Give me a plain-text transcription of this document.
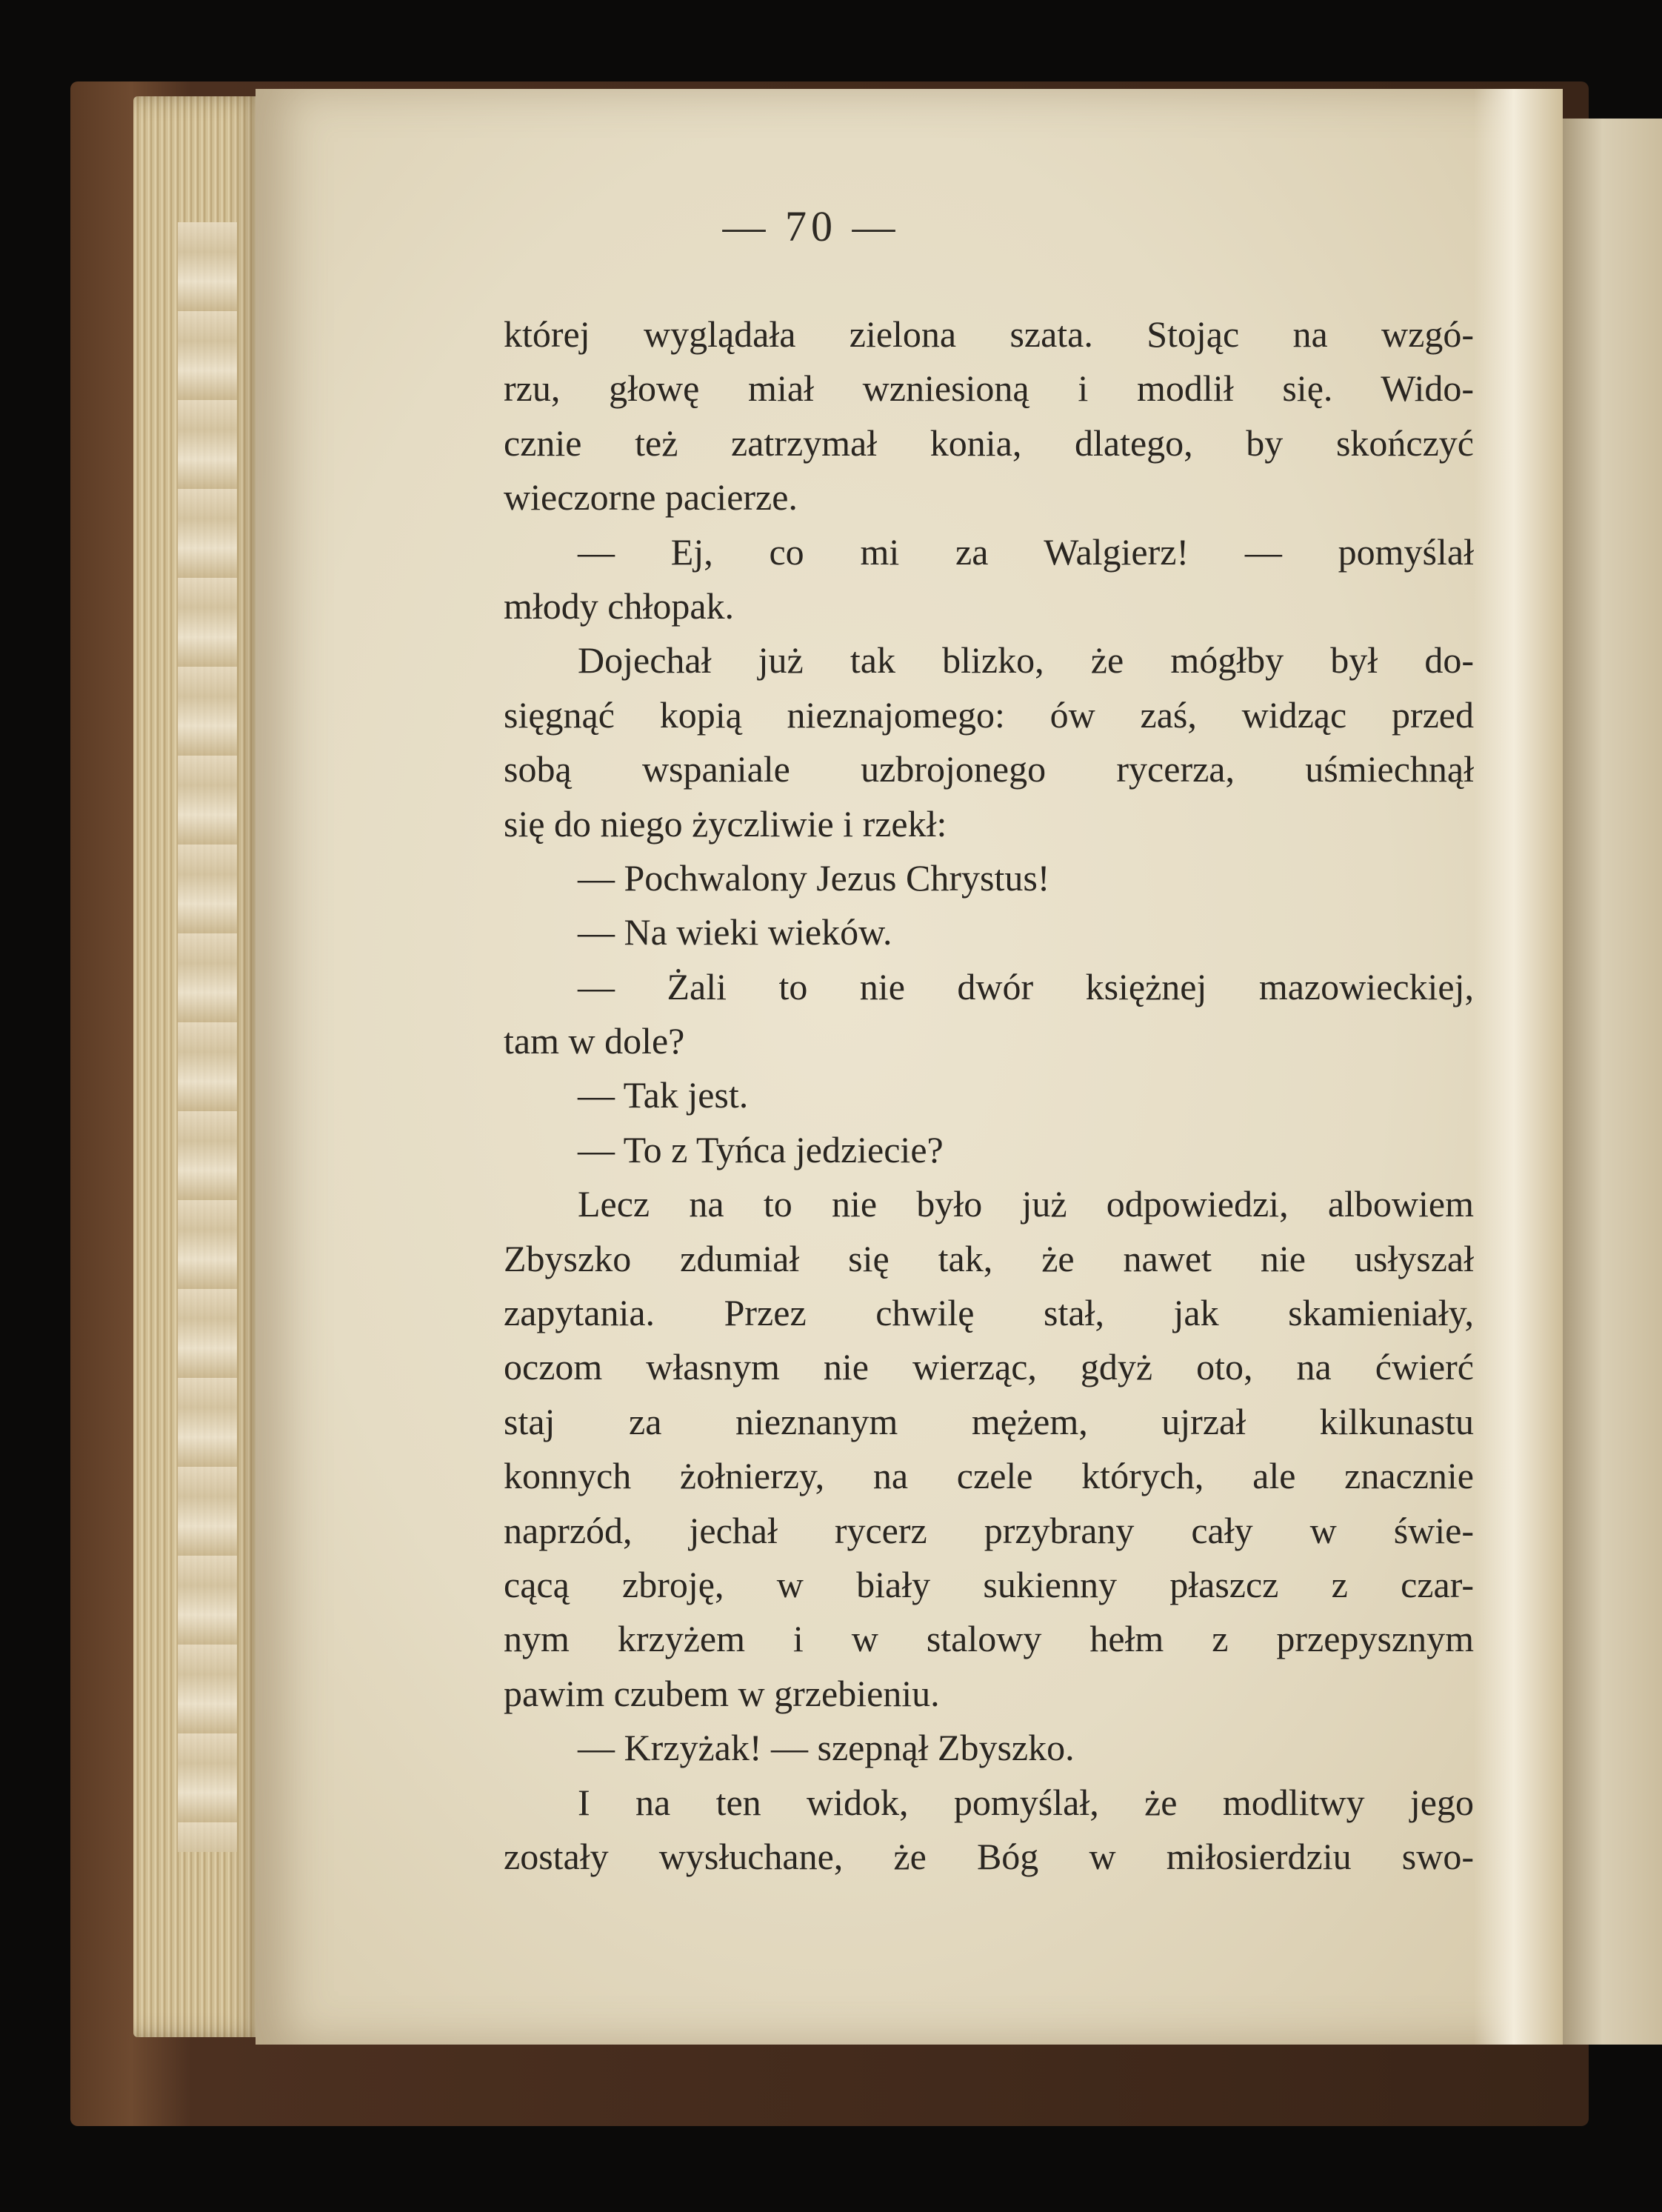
— 70 —
której wyglądała zielona szata. Stojąc na wzgó-
rzu, głowę miał wzniesioną i modlił się. Wido-
cznie też zatrzymał konia, dlatego, by skończyć
wieczorne pacierze.
— Ej, co mi za Walgierz! — pomyślał
młody chłopak.
Dojechał już tak blizko, że mógłby był do-
sięgnąć kopią nieznajomego: ów zaś, widząc przed
sobą wspaniale uzbrojonego rycerza, uśmiechnął
się do niego życzliwie i rzekł:
— Pochwalony Jezus Chrystus!
— Na wieki wieków.
— Żali to nie dwór księżnej mazowieckiej,
tam w dole?
— Tak jest.
— To z Tyńca jedziecie?
Lecz na to nie było już odpowiedzi, albowiem
Zbyszko zdumiał się tak, że nawet nie usłyszał
zapytania. Przez chwilę stał, jak skamieniały,
oczom własnym nie wierząc, gdyż oto, na ćwierć
staj za nieznanym mężem, ujrzał kilkunastu
konnych żołnierzy, na czele których, ale znacznie
naprzód, jechał rycerz przybrany cały w świe-
cącą zbroję, w biały sukienny płaszcz z czar-
nym krzyżem i w stalowy hełm z przepysznym
pawim czubem w grzebieniu.
— Krzyżak! — szepnął Zbyszko.
I na ten widok, pomyślał, że modlitwy jego
zostały wysłuchane, że Bóg w miłosierdziu swo-
